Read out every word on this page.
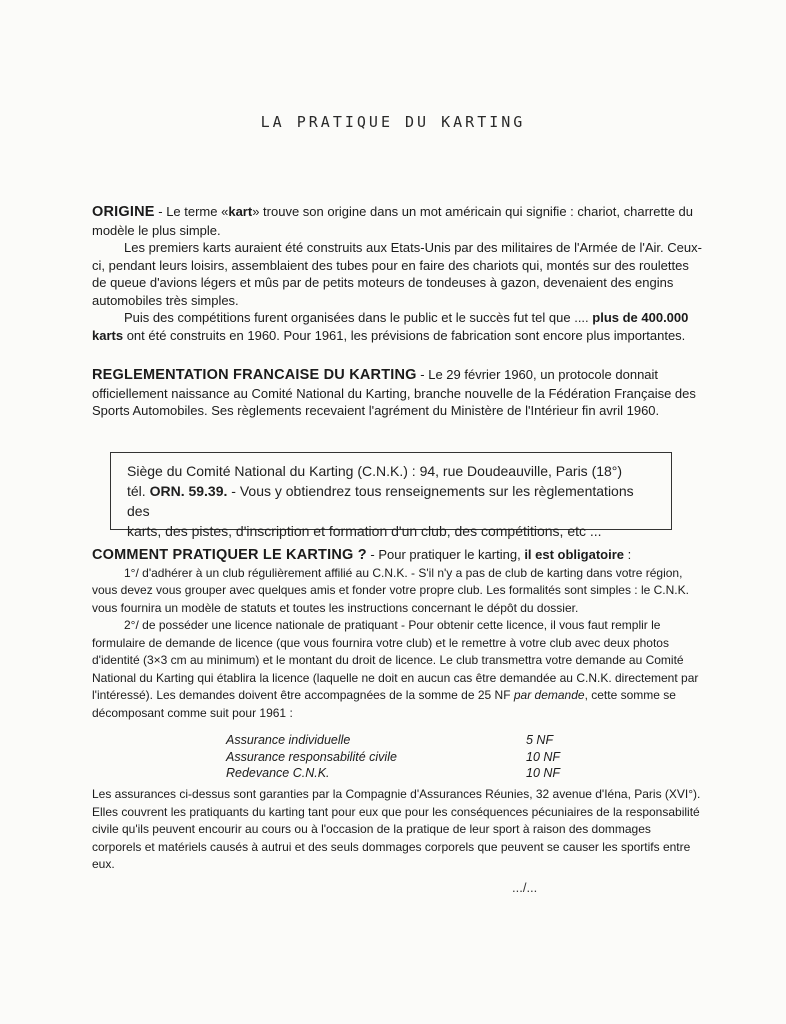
LA PRATIQUE DU KARTING

ORIGINE - Le terme «kart» trouve son origine dans un mot américain qui signifie : chariot, charrette du modèle le plus simple.

Les premiers karts auraient été construits aux Etats-Unis par des militaires de l'Armée de l'Air. Ceux-ci, pendant leurs loisirs, assemblaient des tubes pour en faire des chariots qui, montés sur des roulettes de queue d'avions légers et mûs par de petits moteurs de tondeuses à gazon, devenaient des engins automobiles très simples.

Puis des compétitions furent organisées dans le public et le succès fut tel que .... plus de 400.000 karts ont été construits en 1960. Pour 1961, les prévisions de fabrication sont encore plus importantes.

REGLEMENTATION FRANCAISE DU KARTING - Le 29 février 1960, un protocole donnait officiellement naissance au Comité National du Karting, branche nouvelle de la Fédération Française des Sports Automobiles. Ses règlements recevaient l'agrément du Ministère de l'Intérieur fin avril 1960.

Siège du Comité National du Karting (C.N.K.) : 94, rue Doudeauville, Paris (18°)
tél. ORN. 59.39. - Vous y obtiendrez tous renseignements sur les règlementations des
karts, des pistes, d'inscription et formation d'un club, des compétitions, etc ...

COMMENT PRATIQUER LE KARTING ? - Pour pratiquer le karting, il est obligatoire :

1°/ d'adhérer à un club régulièrement affilié au C.N.K. - S'il n'y a pas de club de karting dans votre région, vous devez vous grouper avec quelques amis et fonder votre propre club. Les formalités sont simples : le C.N.K. vous fournira un modèle de statuts et toutes les instructions concernant le dépôt du dossier.

2°/ de posséder une licence nationale de pratiquant - Pour obtenir cette licence, il vous faut remplir le formulaire de demande de licence (que vous fournira votre club) et le remettre à votre club avec deux photos d'identité (3×3 cm au minimum) et le montant du droit de licence. Le club transmettra votre demande au Comité National du Karting qui établira la licence (laquelle ne doit en aucun cas être demandée au C.N.K. directement par l'intéressé). Les demandes doivent être accompagnées de la somme de 25 NF par demande, cette somme se décomposant comme suit pour 1961 :

Assurance individuelle	5 NF
Assurance responsabilité civile	10 NF
Redevance C.N.K.	10 NF

Les assurances ci-dessus sont garanties par la Compagnie d'Assurances Réunies, 32 avenue d'Iéna, Paris (XVI°). Elles couvrent les pratiquants du karting tant pour eux que pour les conséquences pécuniaires de la responsabilité civile qu'ils peuvent encourir au cours ou à l'occasion de la pratique de leur sport à raison des dommages corporels et matériels causés à autrui et des seuls dommages corporels que peuvent se causer les sportifs entre eux.

.../...
